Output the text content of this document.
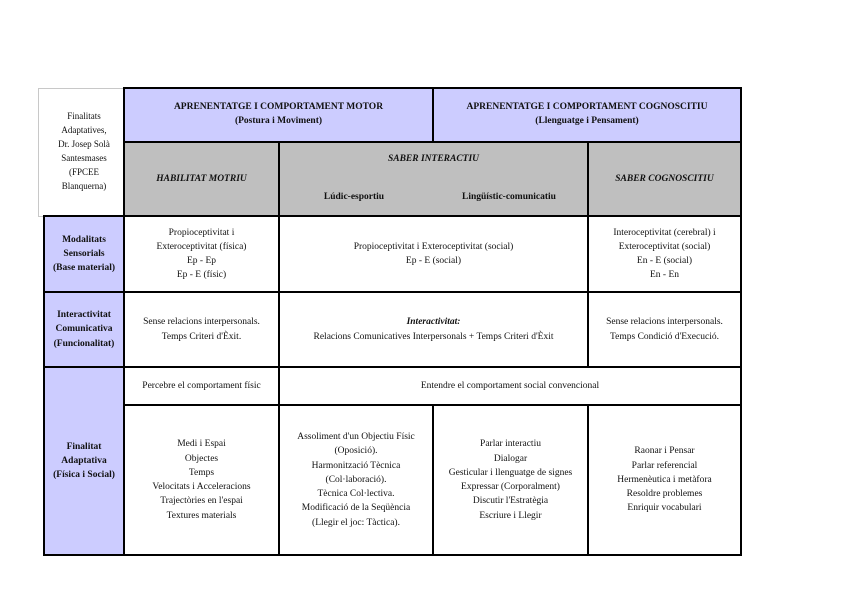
APRENENTATGE I COMPORTAMENT MOTOR
(Postura i Moviment)
APRENENTATGE I COMPORTAMENT COGNOSCITIU
(Llenguatge i Pensament)
HABILITAT MOTRIU
SABER INTERACTIU
Lúdic-esportiu	Lingüístic-comunicatiu
SABER COGNOSCITIU
Finalitats
Adaptatives,
Dr. Josep Solà
Santesmases
(FPCEE
Blanquerna)
Modalitats
Sensorials
(Base material)
Interactivitat
Comunicativa
(Funcionalitat)
Finalitat
Adaptativa
(Física i Social)
Propioceptivitat i
Exteroceptivitat (física)
Ep - Ep
Ep - E (físic)
Propioceptivitat i Exteroceptivitat (social)
Ep - E (social)
Interoceptivitat (cerebral) i
Exteroceptivitat (social)
En - E (social)
En - En
Sense relacions interpersonals.
Temps Criteri d'Èxit.
Interactivitat:
Relacions Comunicatives Interpersonals + Temps Criteri d'Èxit
Sense relacions interpersonals.
Temps Condició d'Execució.
Percebre el comportament físic	Entendre el comportament social convencional
Medi i Espai
Objectes
Temps
Velocitats i Acceleracions
Trajectòries en l'espai
Textures materials
Assoliment d'un Objectiu Físic
(Oposició).
Harmonització Tècnica
(Col·laboració).
Tècnica Col·lectiva.
Modificació de la Seqüència
(Llegir el joc: Tàctica).
Parlar interactiu
Dialogar
Gesticular i llenguatge de signes
Expressar (Corporalment)
Discutir l'Estratègia
Escriure i Llegir
Raonar i Pensar
Parlar referencial
Hermenèutica i metàfora
Resoldre problemes
Enriquir vocabulari
